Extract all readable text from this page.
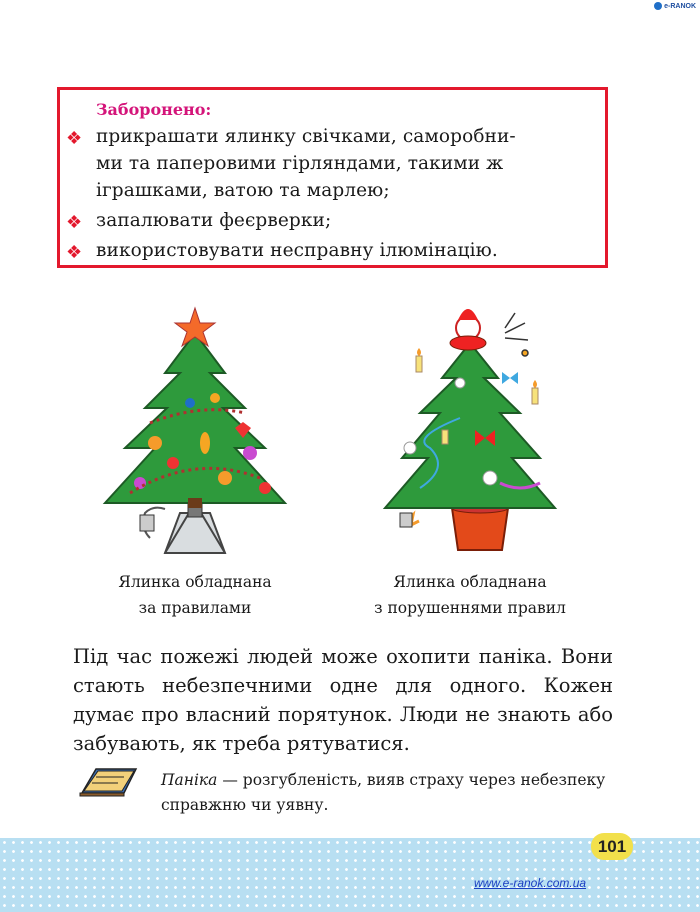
e-RANOK
Заборонено:
❖ прикрашати ялинку свічками, саморобни-
ми та паперовими гірляндами, такими ж
іграшками, ватою та марлею;
❖ запалювати феєрверки;
❖ використовувати несправну ілюмінацію.
Ялинка обладнана
за правилами
Ялинка обладнана
з порушеннями правил
Під час пожежі людей може охопити паніка. Вони стають небезпечними одне для одного. Кожен думає про власний порятунок. Люди не знають або забувають, як треба рятуватися.
Паніка — розгубленість, вияв страху через небезпеку справжню чи уявну.
101
www.e-ranok.com.ua
